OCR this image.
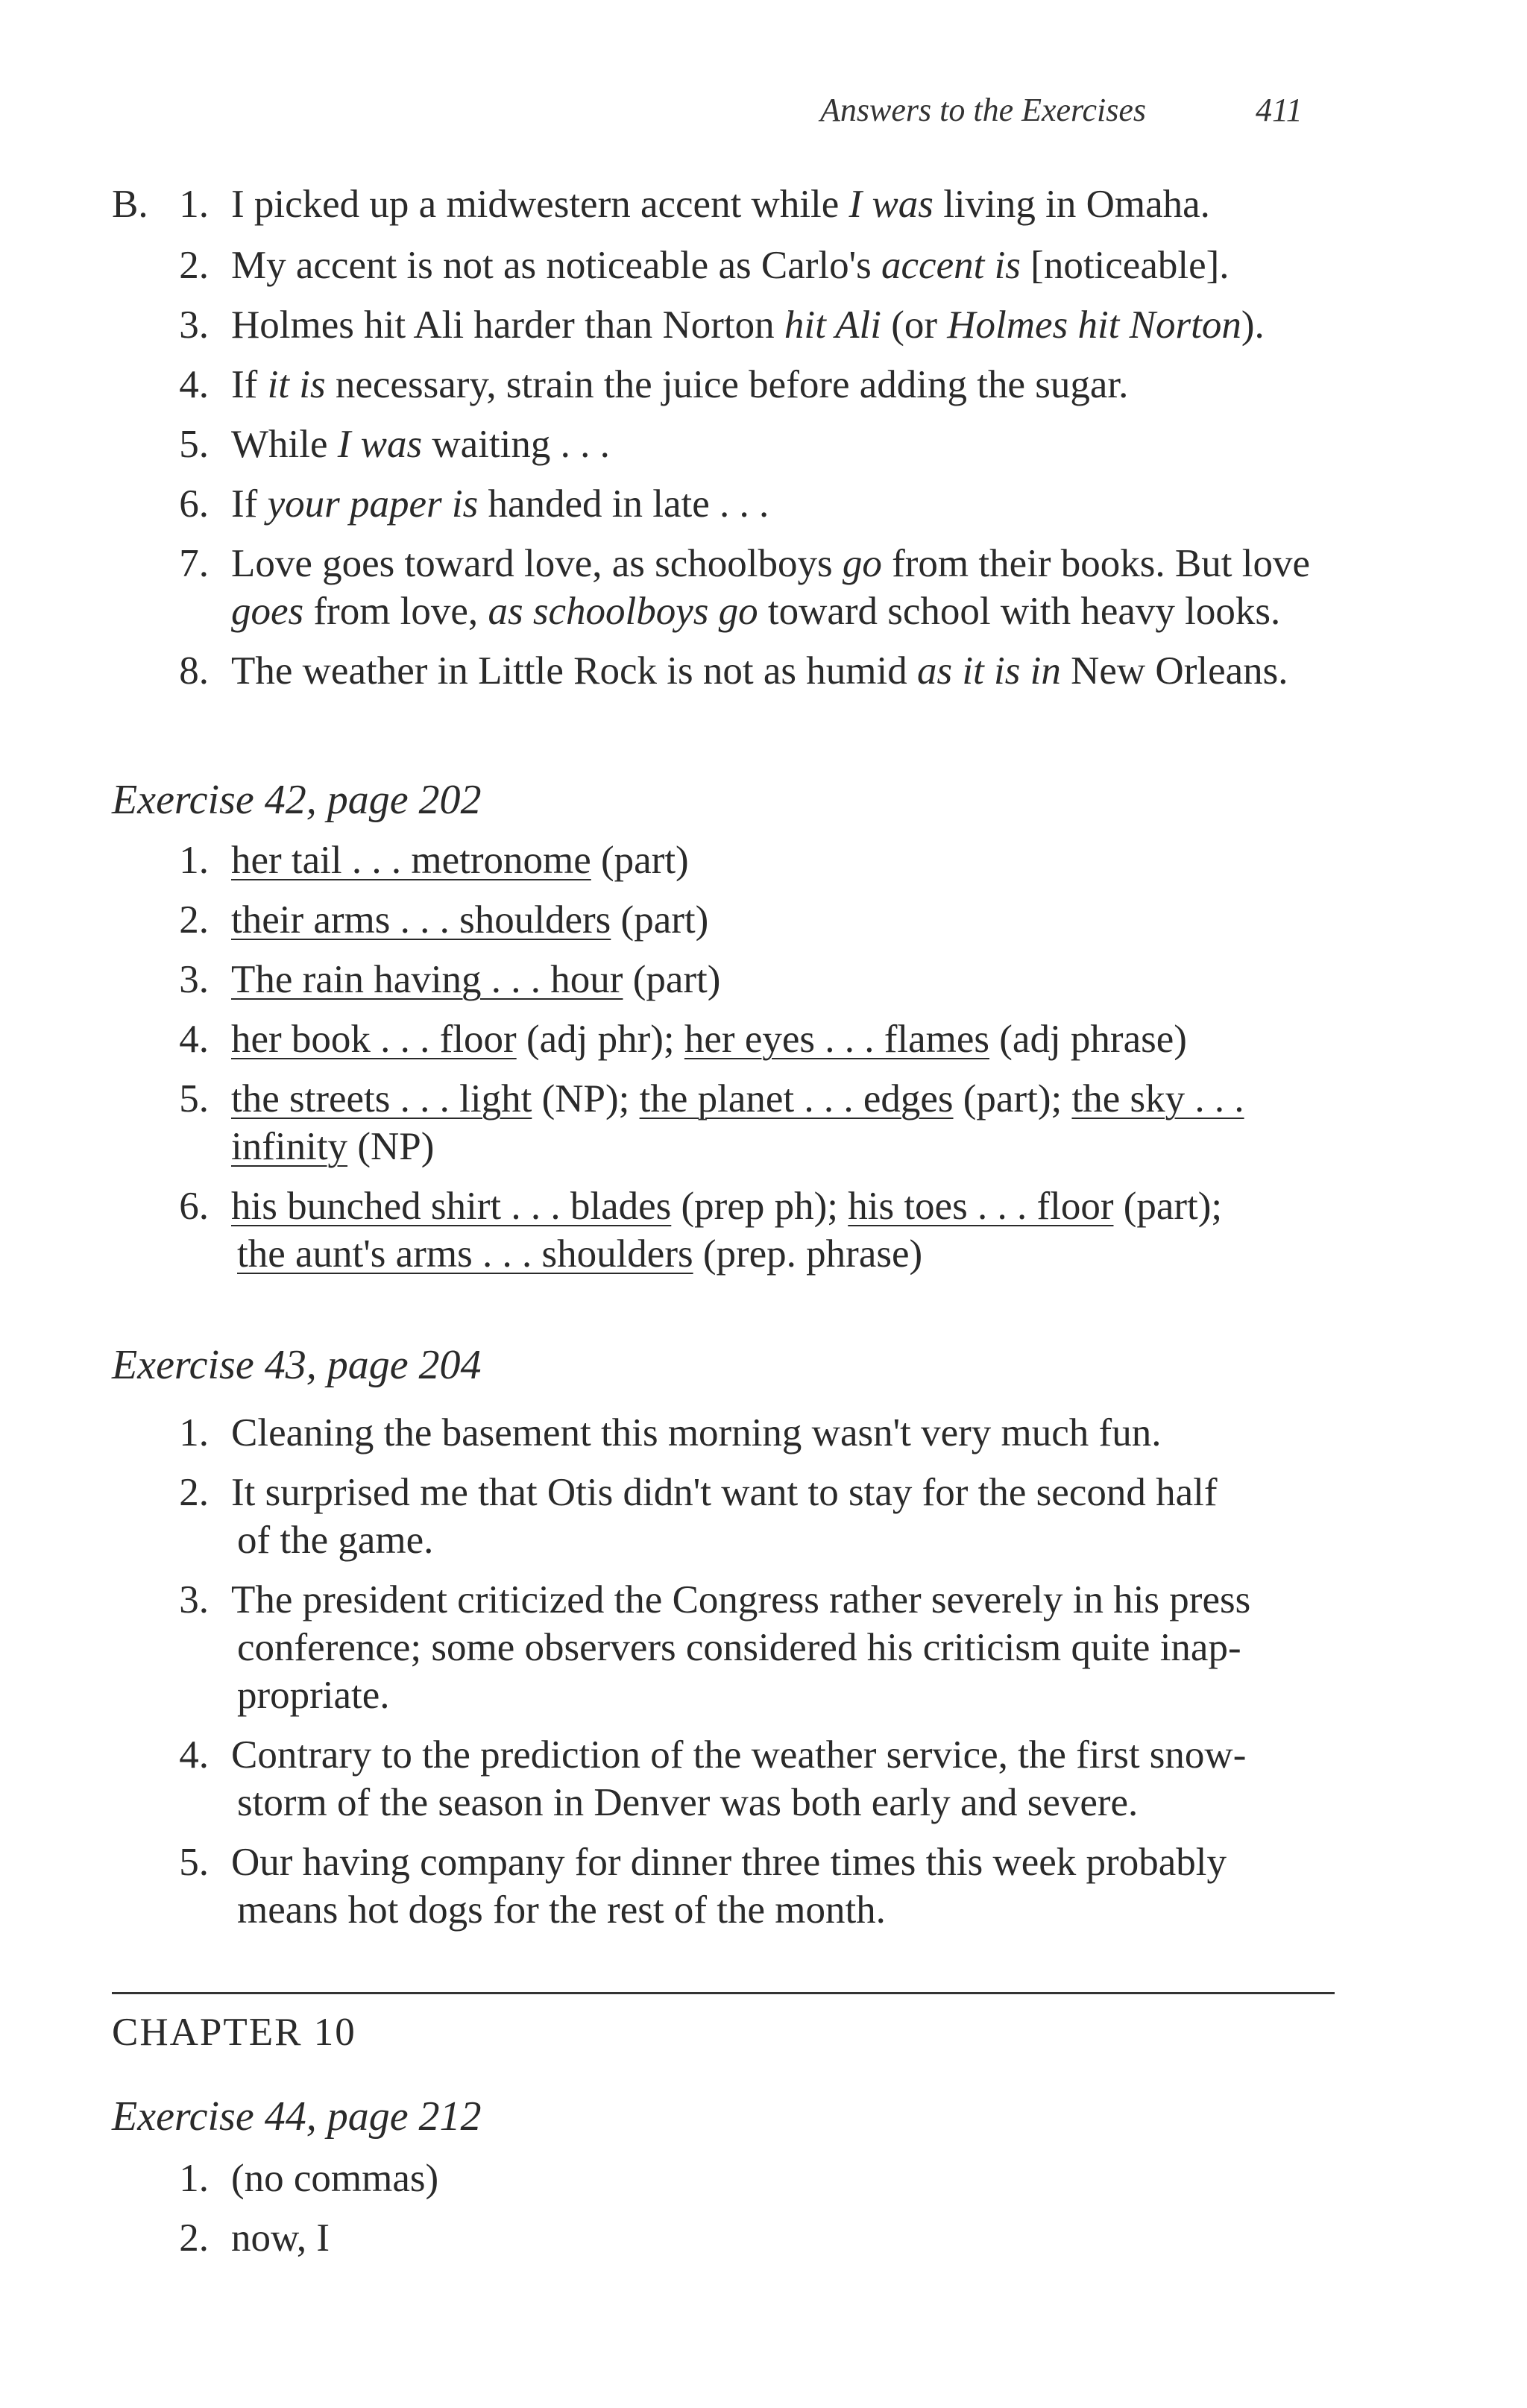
Answers to the Exercises	411
B. 1. I picked up a midwestern accent while I was living in Omaha.
2. My accent is not as noticeable as Carlo's accent is [noticeable].
3. Holmes hit Ali harder than Norton hit Ali (or Holmes hit Norton).
4. If it is necessary, strain the juice before adding the sugar.
5. While I was waiting . . .
6. If your paper is handed in late . . .
7. Love goes toward love, as schoolboys go from their books. But love
goes from love, as schoolboys go toward school with heavy looks.
8. The weather in Little Rock is not as humid as it is in New Orleans.
Exercise 42, page 202
1. her tail . . . metronome (part)
2. their arms . . . shoulders (part)
3. The rain having . . . hour (part)
4. her book . . . floor (adj phr); her eyes . . . flames (adj phrase)
5. the streets . . . light (NP); the planet . . . edges (part); the sky . . .
infinity (NP)
6. his bunched shirt . . . blades (prep ph); his toes . . . floor (part);
the aunt's arms . . . shoulders (prep. phrase)
Exercise 43, page 204
1. Cleaning the basement this morning wasn't very much fun.
2. It surprised me that Otis didn't want to stay for the second half
of the game.
3. The president criticized the Congress rather severely in his press
conference; some observers considered his criticism quite inap-
propriate.
4. Contrary to the prediction of the weather service, the first snow-
storm of the season in Denver was both early and severe.
5. Our having company for dinner three times this week probably
means hot dogs for the rest of the month.
CHAPTER 10
Exercise 44, page 212
1. (no commas)
2. now, I
